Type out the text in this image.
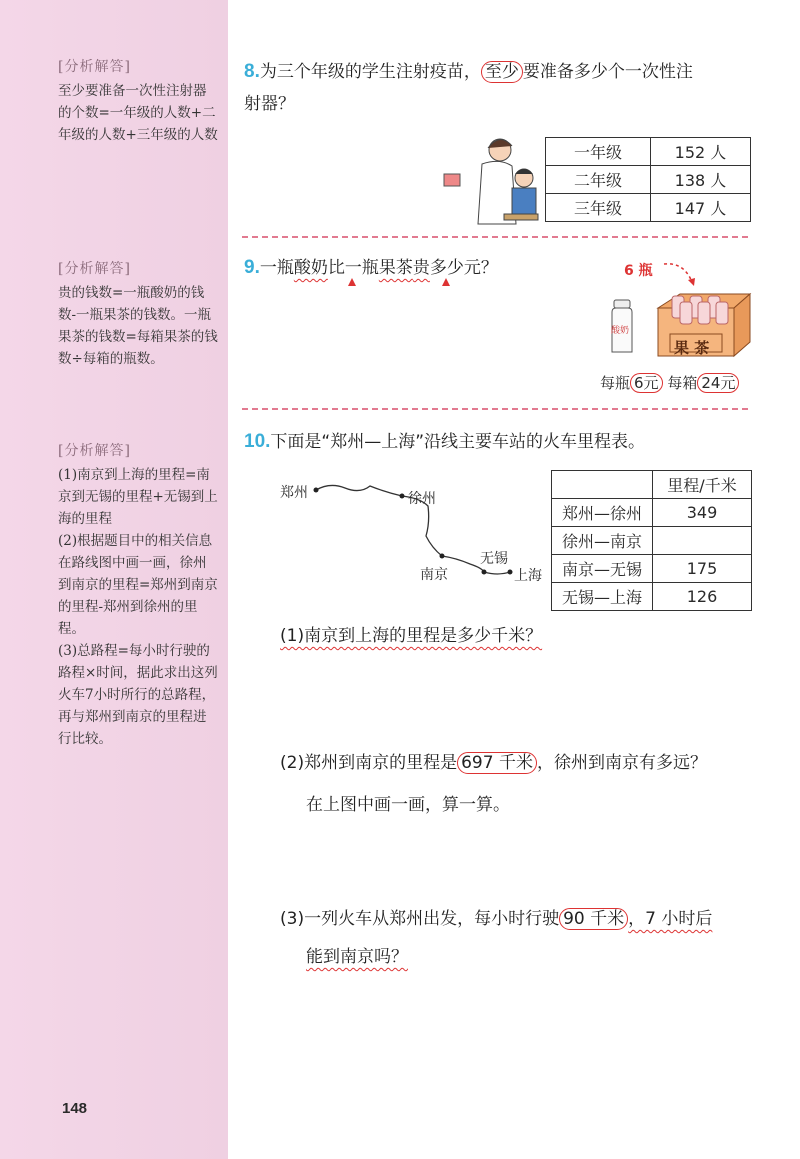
[分析解答]
至少要准备一次性注射器的个数=一年级的人数+二年级的人数+三年级的人数
[分析解答]
贵的钱数=一瓶酸奶的钱数-一瓶果茶的钱数。一瓶果茶的钱数=每箱果茶的钱数÷每箱的瓶数。
[分析解答]
(1)南京到上海的里程=南京到无锡的里程+无锡到上海的里程
(2)根据题目中的相关信息在路线图中画一画，徐州到南京的里程=郑州到南京的里程-郑州到徐州的里程。
(3)总路程=每小时行驶的路程×时间，据此求出这列火车7小时所行的总路程，再与郑州到南京的里程进行比较。
8.为三个年级的学生注射疫苗， 至少 要准备多少个一次性注
射器？
一年级	152 人
二年级	138 人
三年级	147 人
9.一瓶酸奶比一瓶果茶贵多少元？	6 瓶
酸奶
果 茶
每瓶 6元 每箱 24元
10.下面是“郑州—上海”沿线主要车站的火车里程表。
郑州	徐州
南京
无锡
上海
	里程/千米
郑州—徐州	349
徐州—南京	
南京—无锡	175
无锡—上海	126
(1)南京到上海的里程是多少千米？
(2)郑州到南京的里程是 697 千米 ，徐州到南京有多远？
在上图中画一画，算一算。
(3)一列火车从郑州出发，每小时行驶 90 千米 ，7 小时后
能到南京吗？
148
